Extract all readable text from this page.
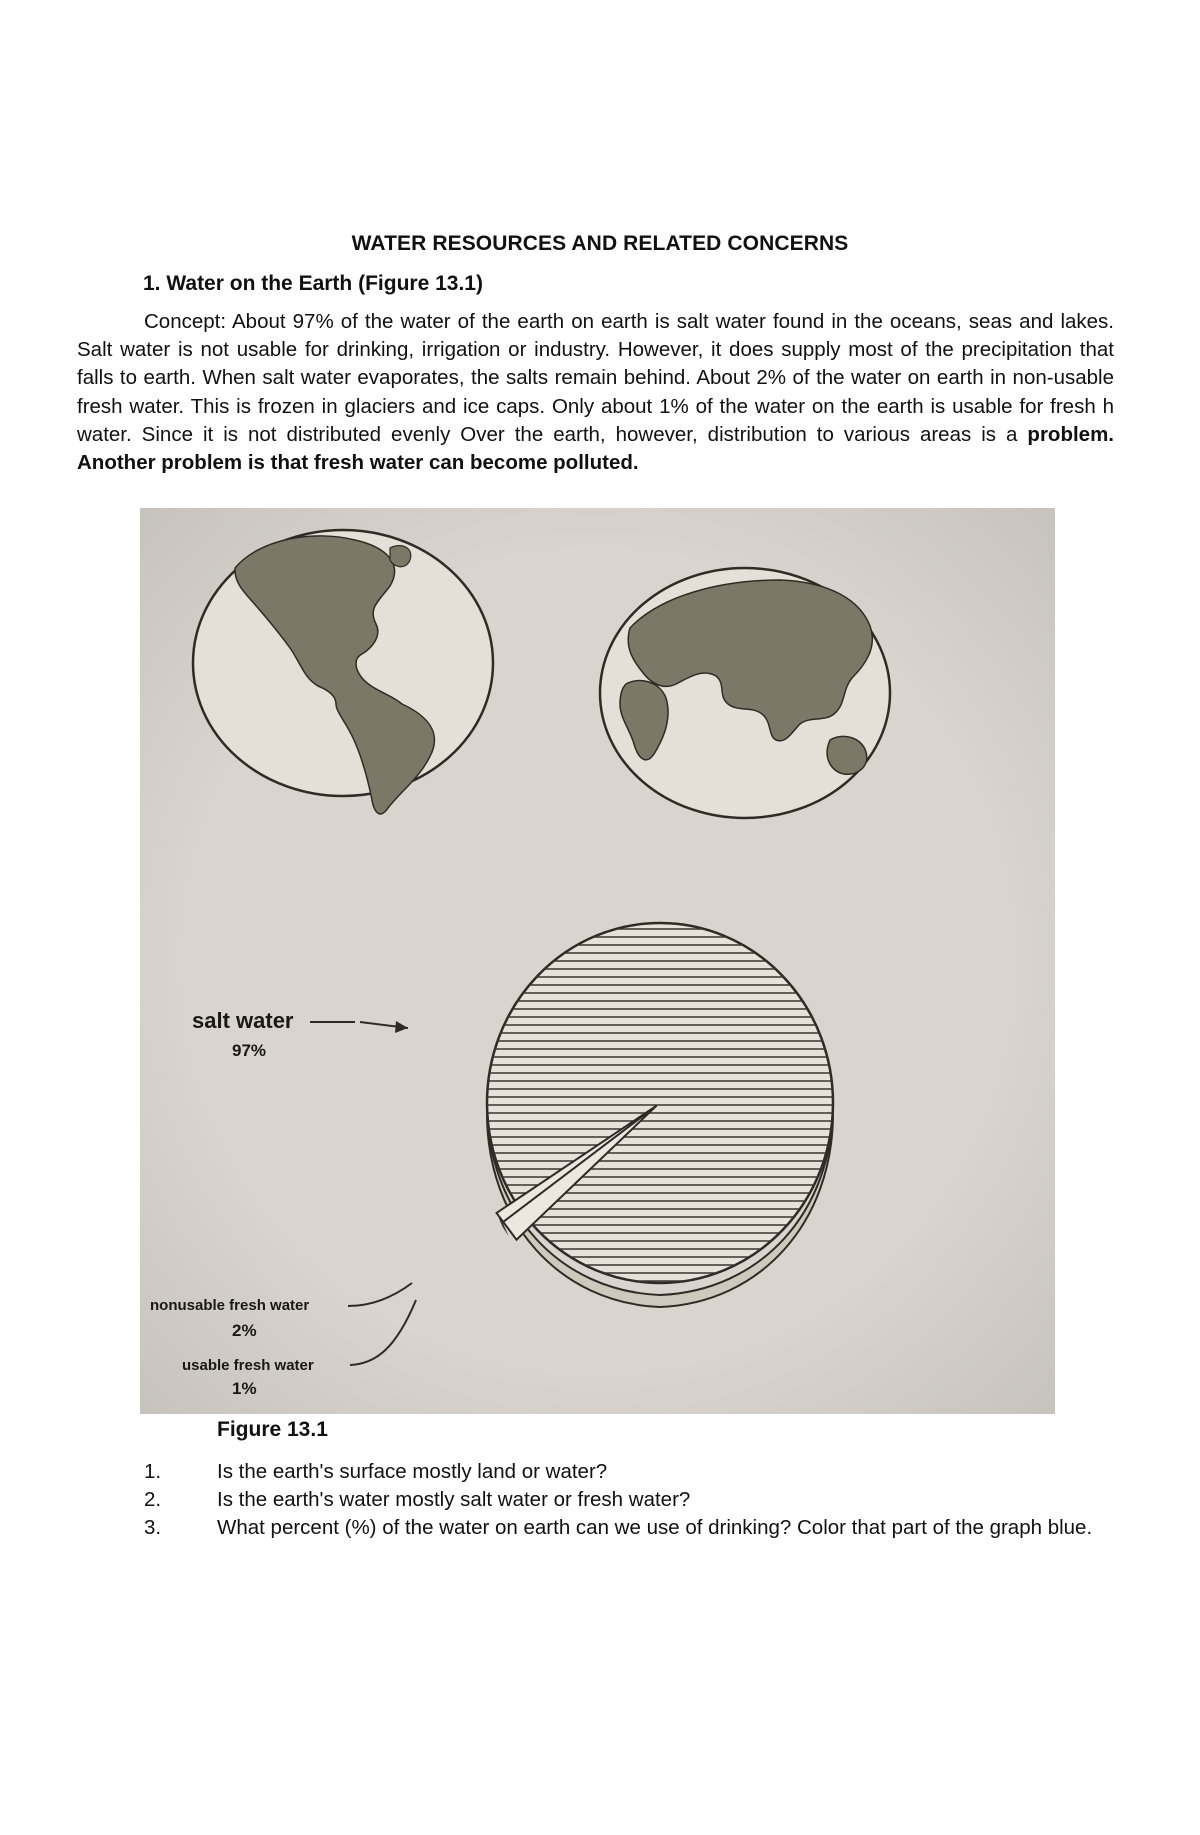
WATER RESOURCES AND RELATED CONCERNS
1. Water on the Earth (Figure 13.1)

Concept: About 97% of the water of the earth on earth is salt water found in the oceans, seas and lakes. Salt water is not usable for drinking, irrigation or industry. However, it does supply most of the precipitation that falls to earth. When salt water evaporates, the salts remain behind. About 2% of the water on earth in non-usable fresh water. This is frozen in glaciers and ice caps. Only about 1% of the water on the earth is usable for fresh h water. Since it is not distributed evenly Over the earth, however, distribution to various areas is a problem. Another problem is that fresh water can become polluted.

salt water
97%
nonusable fresh water
2%
usable fresh water
1%
Figure 13.1
1.	Is the earth's surface mostly land or water?
2.	Is the earth's water mostly salt water or fresh water?
3.	What percent (%) of the water on earth can we use of drinking? Color that part of the graph blue.
